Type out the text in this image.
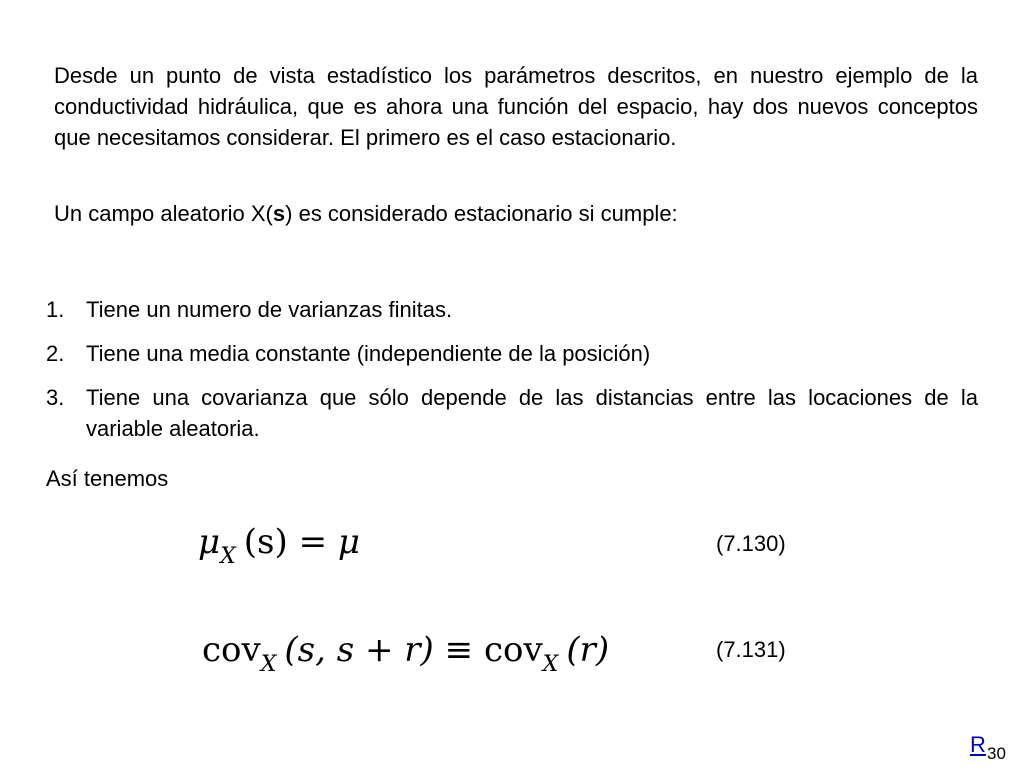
Desde un punto de vista estadístico los parámetros descritos, en nuestro ejemplo de la conductividad hidráulica, que es ahora una función del espacio, hay dos nuevos conceptos que necesitamos considerar. El primero es el caso estacionario.

Un campo aleatorio X(s) es considerado estacionario si cumple:

1. Tiene un numero de varianzas finitas.
2. Tiene una media constante (independiente de la posición)
3. Tiene una covarianza que sólo depende de las distancias entre las locaciones de la variable aleatoria.

Así tenemos

$\mu_X$ (s) = μ	(7.130)
cov$_X$ (s, s + r) ≡ cov$_X$ (r)	(7.131)
R 30
